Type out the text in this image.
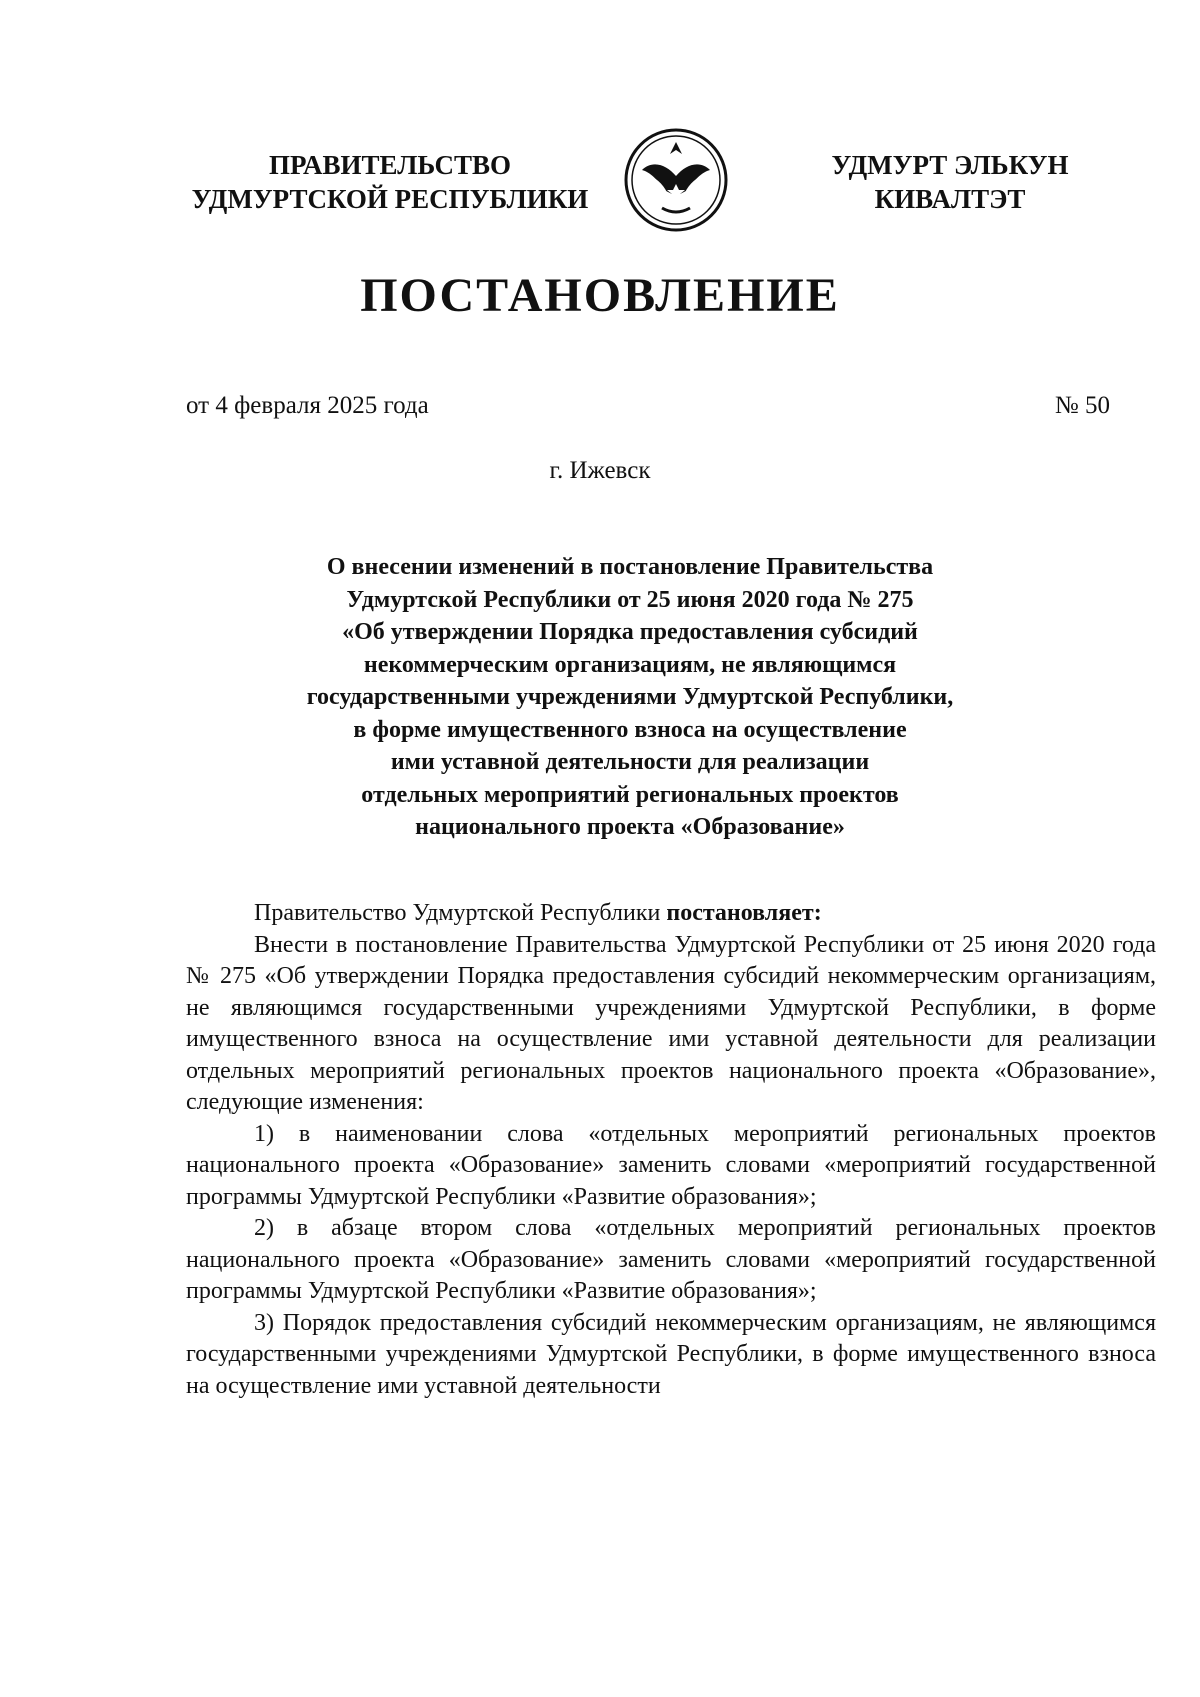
ПРАВИТЕЛЬСТВО
УДМУРТСКОЙ РЕСПУБЛИКИ
УДМУРТ ЭЛЬКУН
КИВАЛТЭТ
ПОСТАНОВЛЕНИЕ
от 4 февраля 2025 года	№ 50
г. Ижевск
О внесении изменений в постановление Правительства
Удмуртской Республики от 25 июня 2020 года № 275
«Об утверждении Порядка предоставления субсидий
некоммерческим организациям, не являющимся
государственными учреждениями Удмуртской Республики,
в форме имущественного взноса на осуществление
ими уставной деятельности для реализации
отдельных мероприятий региональных проектов
национального проекта «Образование»

Правительство Удмуртской Республики постановляет:

Внести в постановление Правительства Удмуртской Республики от 25 июня 2020 года № 275 «Об утверждении Порядка предоставления субсидий некоммерческим организациям, не являющимся государственными учреждениями Удмуртской Республики, в форме имущественного взноса на осуществление ими уставной деятельности для реализации отдельных мероприятий региональных проектов национального проекта «Образование», следующие изменения:

1) в наименовании слова «отдельных мероприятий региональных проектов национального проекта «Образование» заменить словами «мероприятий государственной программы Удмуртской Республики «Развитие образования»;

2) в абзаце втором слова «отдельных мероприятий региональных проектов национального проекта «Образование» заменить словами «мероприятий государственной программы Удмуртской Республики «Развитие образования»;

3) Порядок предоставления субсидий некоммерческим организациям, не являющимся государственными учреждениями Удмуртской Республики, в форме имущественного взноса на осуществление ими уставной деятельности
